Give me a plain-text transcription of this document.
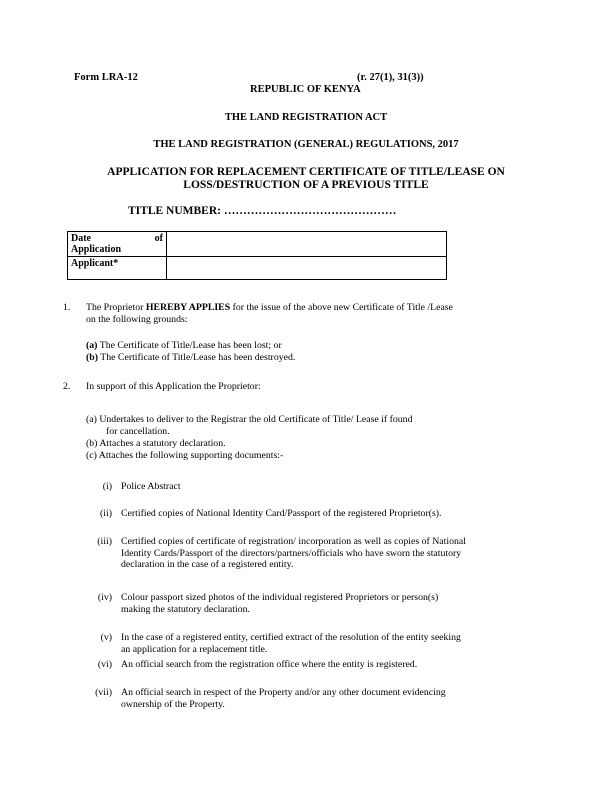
Form LRA-12	(r. 27(1), 31(3))
REPUBLIC OF KENYA
THE LAND REGISTRATION ACT
THE LAND REGISTRATION (GENERAL) REGULATIONS, 2017
APPLICATION FOR REPLACEMENT CERTIFICATE OF TITLE/LEASE ON
LOSS/DESTRUCTION OF A PREVIOUS TITLE
TITLE NUMBER: ………………………………………
Date of
Application	

Applicant*	
1. The Proprietor HEREBY APPLIES for the issue of the above new Certificate of Title /Lease
on the following grounds:
(a) The Certificate of Title/Lease has been lost; or
(b) The Certificate of Title/Lease has been destroyed.
2. In support of this Application the Proprietor:
(a) Undertakes to deliver to the Registrar the old Certificate of Title/ Lease if found
for cancellation.
(b) Attaches a statutory declaration.
(c) Attaches the following supporting documents:-
(i) Police Abstract
(ii) Certified copies of National Identity Card/Passport of the registered Proprietor(s).
(iii) Certified copies of certificate of registration/ incorporation as well as copies of National
Identity Cards/Passport of the directors/partners/officials who have sworn the statutory
declaration in the case of a registered entity.
(iv) Colour passport sized photos of the individual registered Proprietors or person(s)
making the statutory declaration.
(v) In the case of a registered entity, certified extract of the resolution of the entity seeking
an application for a replacement title.
(vi) An official search from the registration office where the entity is registered.
(vii) An official search in respect of the Property and/or any other document evidencing
ownership of the Property.
